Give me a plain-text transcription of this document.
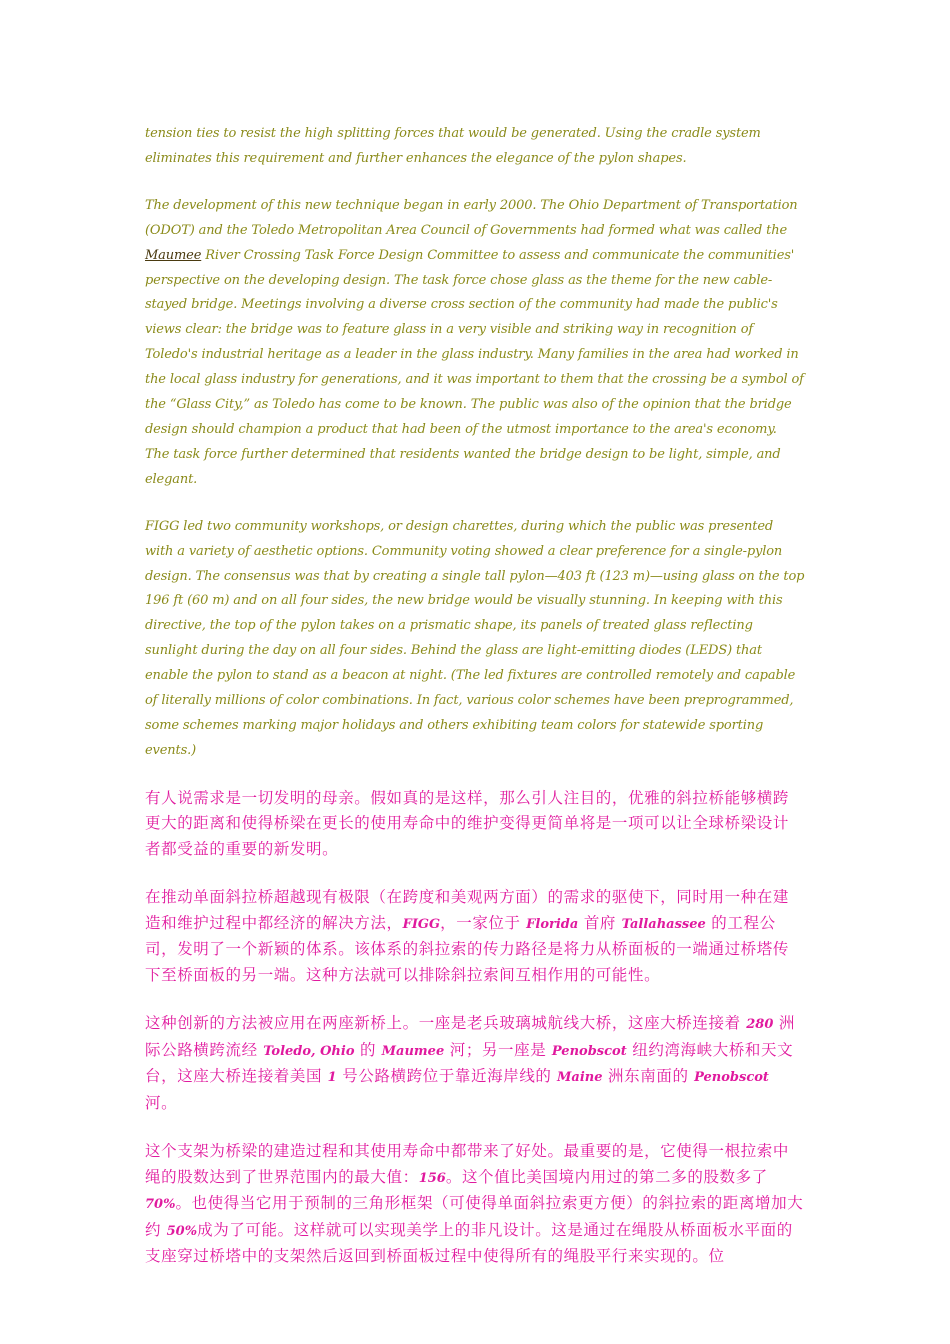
tension ties to resist the high splitting forces that would be generated. Using the cradle system eliminates this requirement and further enhances the elegance of the pylon shapes.

The development of this new technique began in early 2000. The Ohio Department of Transportation (ODOT) and the Toledo Metropolitan Area Council of Governments had formed what was called the Maumee River Crossing Task Force Design Committee to assess and communicate the communities' perspective on the developing design. The task force chose glass as the theme for the new cable-stayed bridge. Meetings involving a diverse cross section of the community had made the public's views clear: the bridge was to feature glass in a very visible and striking way in recognition of Toledo's industrial heritage as a leader in the glass industry. Many families in the area had worked in the local glass industry for generations, and it was important to them that the crossing be a symbol of the “Glass City,” as Toledo has come to be known. The public was also of the opinion that the bridge design should champion a product that had been of the utmost importance to the area's economy. The task force further determined that residents wanted the bridge design to be light, simple, and elegant.

FIGG led two community workshops, or design charettes, during which the public was presented with a variety of aesthetic options. Community voting showed a clear preference for a single-pylon design. The consensus was that by creating a single tall pylon—403 ft (123 m)—using glass on the top 196 ft (60 m) and on all four sides, the new bridge would be visually stunning. In keeping with this directive, the top of the pylon takes on a prismatic shape, its panels of treated glass reflecting sunlight during the day on all four sides. Behind the glass are light-emitting diodes (LEDS) that enable the pylon to stand as a beacon at night. (The led fixtures are controlled remotely and capable of literally millions of color combinations. In fact, various color schemes have been preprogrammed, some schemes marking major holidays and others exhibiting team colors for statewide sporting events.)

有人说需求是一切发明的母亲。假如真的是这样，那么引人注目的，优雅的斜拉桥能够横跨更大的距离和使得桥梁在更长的使用寿命中的维护变得更简单将是一项可以让全球桥梁设计者都受益的重要的新发明。

在推动单面斜拉桥超越现有极限（在跨度和美观两方面）的需求的驱使下，同时用一种在建造和维护过程中都经济的解决方法，FIGG，一家位于 Florida 首府 Tallahassee 的工程公司，发明了一个新颖的体系。该体系的斜拉索的传力路径是将力从桥面板的一端通过桥塔传下至桥面板的另一端。这种方法就可以排除斜拉索间互相作用的可能性。

这种创新的方法被应用在两座新桥上。一座是老兵玻璃城航线大桥，这座大桥连接着 280 洲际公路横跨流经 Toledo, Ohio 的 Maumee 河；另一座是 Penobscot 纽约湾海峡大桥和天文台，这座大桥连接着美国 1 号公路横跨位于靠近海岸线的 Maine 洲东南面的 Penobscot 河。

这个支架为桥梁的建造过程和其使用寿命中都带来了好处。最重要的是，它使得一根拉索中绳的股数达到了世界范围内的最大值：156。这个值比美国境内用过的第二多的股数多了 70%。也使得当它用于预制的三角形框架（可使得单面斜拉索更方便）的斜拉索的距离增加大约 50%成为了可能。这样就可以实现美学上的非凡设计。这是通过在绳股从桥面板水平面的支座穿过桥塔中的支架然后返回到桥面板过程中使得所有的绳股平行来实现的。位
